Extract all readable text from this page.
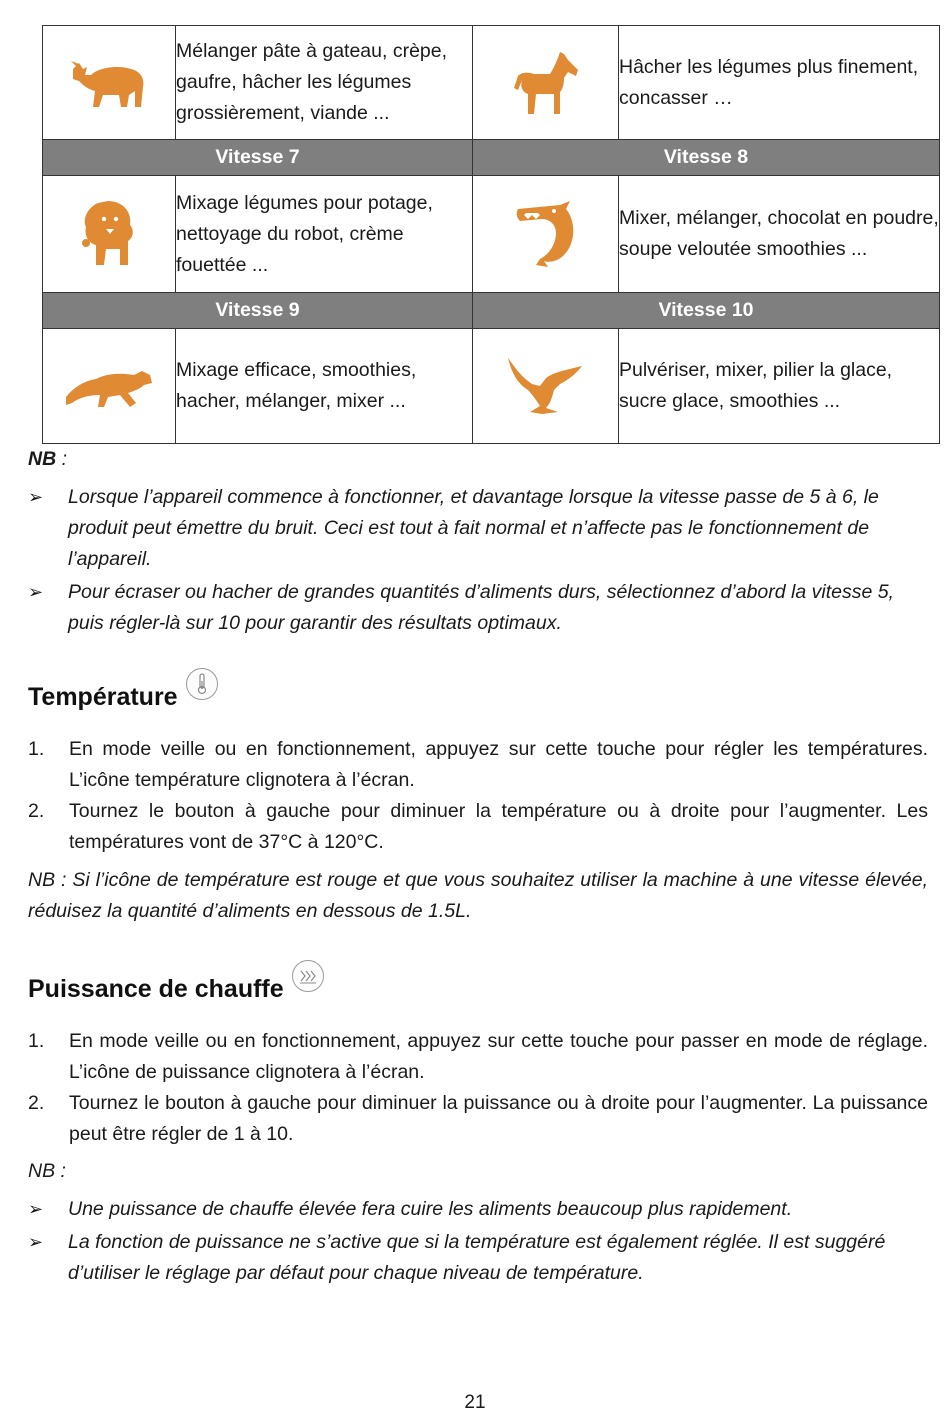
	Mélanger pâte à gateau, crèpe, gaufre, hâcher les légumes grossièrement, viande ...		Hâcher les légumes plus finement, concasser …
Vitesse 7		Vitesse 8	

	Mixage légumes pour potage, nettoyage du robot, crème fouettée ...		Mixer, mélanger, chocolat en poudre, soupe veloutée smoothies ...
Vitesse 9		Vitesse 10	

	Mixage efficace, smoothies, hacher, mélanger, mixer ...		Pulvériser, mixer, pilier la glace, sucre glace, smoothies ...
NB :
➢ Lorsque l’appareil commence à fonctionner, et davantage lorsque la vitesse passe de 5 à 6, le produit peut émettre du bruit. Ceci est tout à fait normal et n’affecte pas le fonctionnement de l’appareil.
➢ Pour écraser ou hacher de grandes quantités d’aliments durs, sélectionnez d’abord la vitesse 5, puis régler-là sur 10 pour garantir des résultats optimaux.
Température
1. En mode veille ou en fonctionnement, appuyez sur cette touche pour régler les températures. L’icône température clignotera à l’écran.
2. Tournez le bouton à gauche pour diminuer la température ou à droite pour l’augmenter. Les températures vont de 37°C à 120°C.
NB : Si l’icône de température est rouge et que vous souhaitez utiliser la machine à une vitesse élevée, réduisez la quantité d’aliments en dessous de 1.5L.
Puissance de chauffe
1. En mode veille ou en fonctionnement, appuyez sur cette touche pour passer en mode de réglage. L’icône de puissance clignotera à l’écran.
2. Tournez le bouton à gauche pour diminuer la puissance ou à droite pour l’augmenter. La puissance peut être régler de 1 à 10.
NB :
➢ Une puissance de chauffe élevée fera cuire les aliments beaucoup plus rapidement.
➢ La fonction de puissance ne s’active que si la température est également réglée. Il est suggéré d’utiliser le réglage par défaut pour chaque niveau de température.
21
